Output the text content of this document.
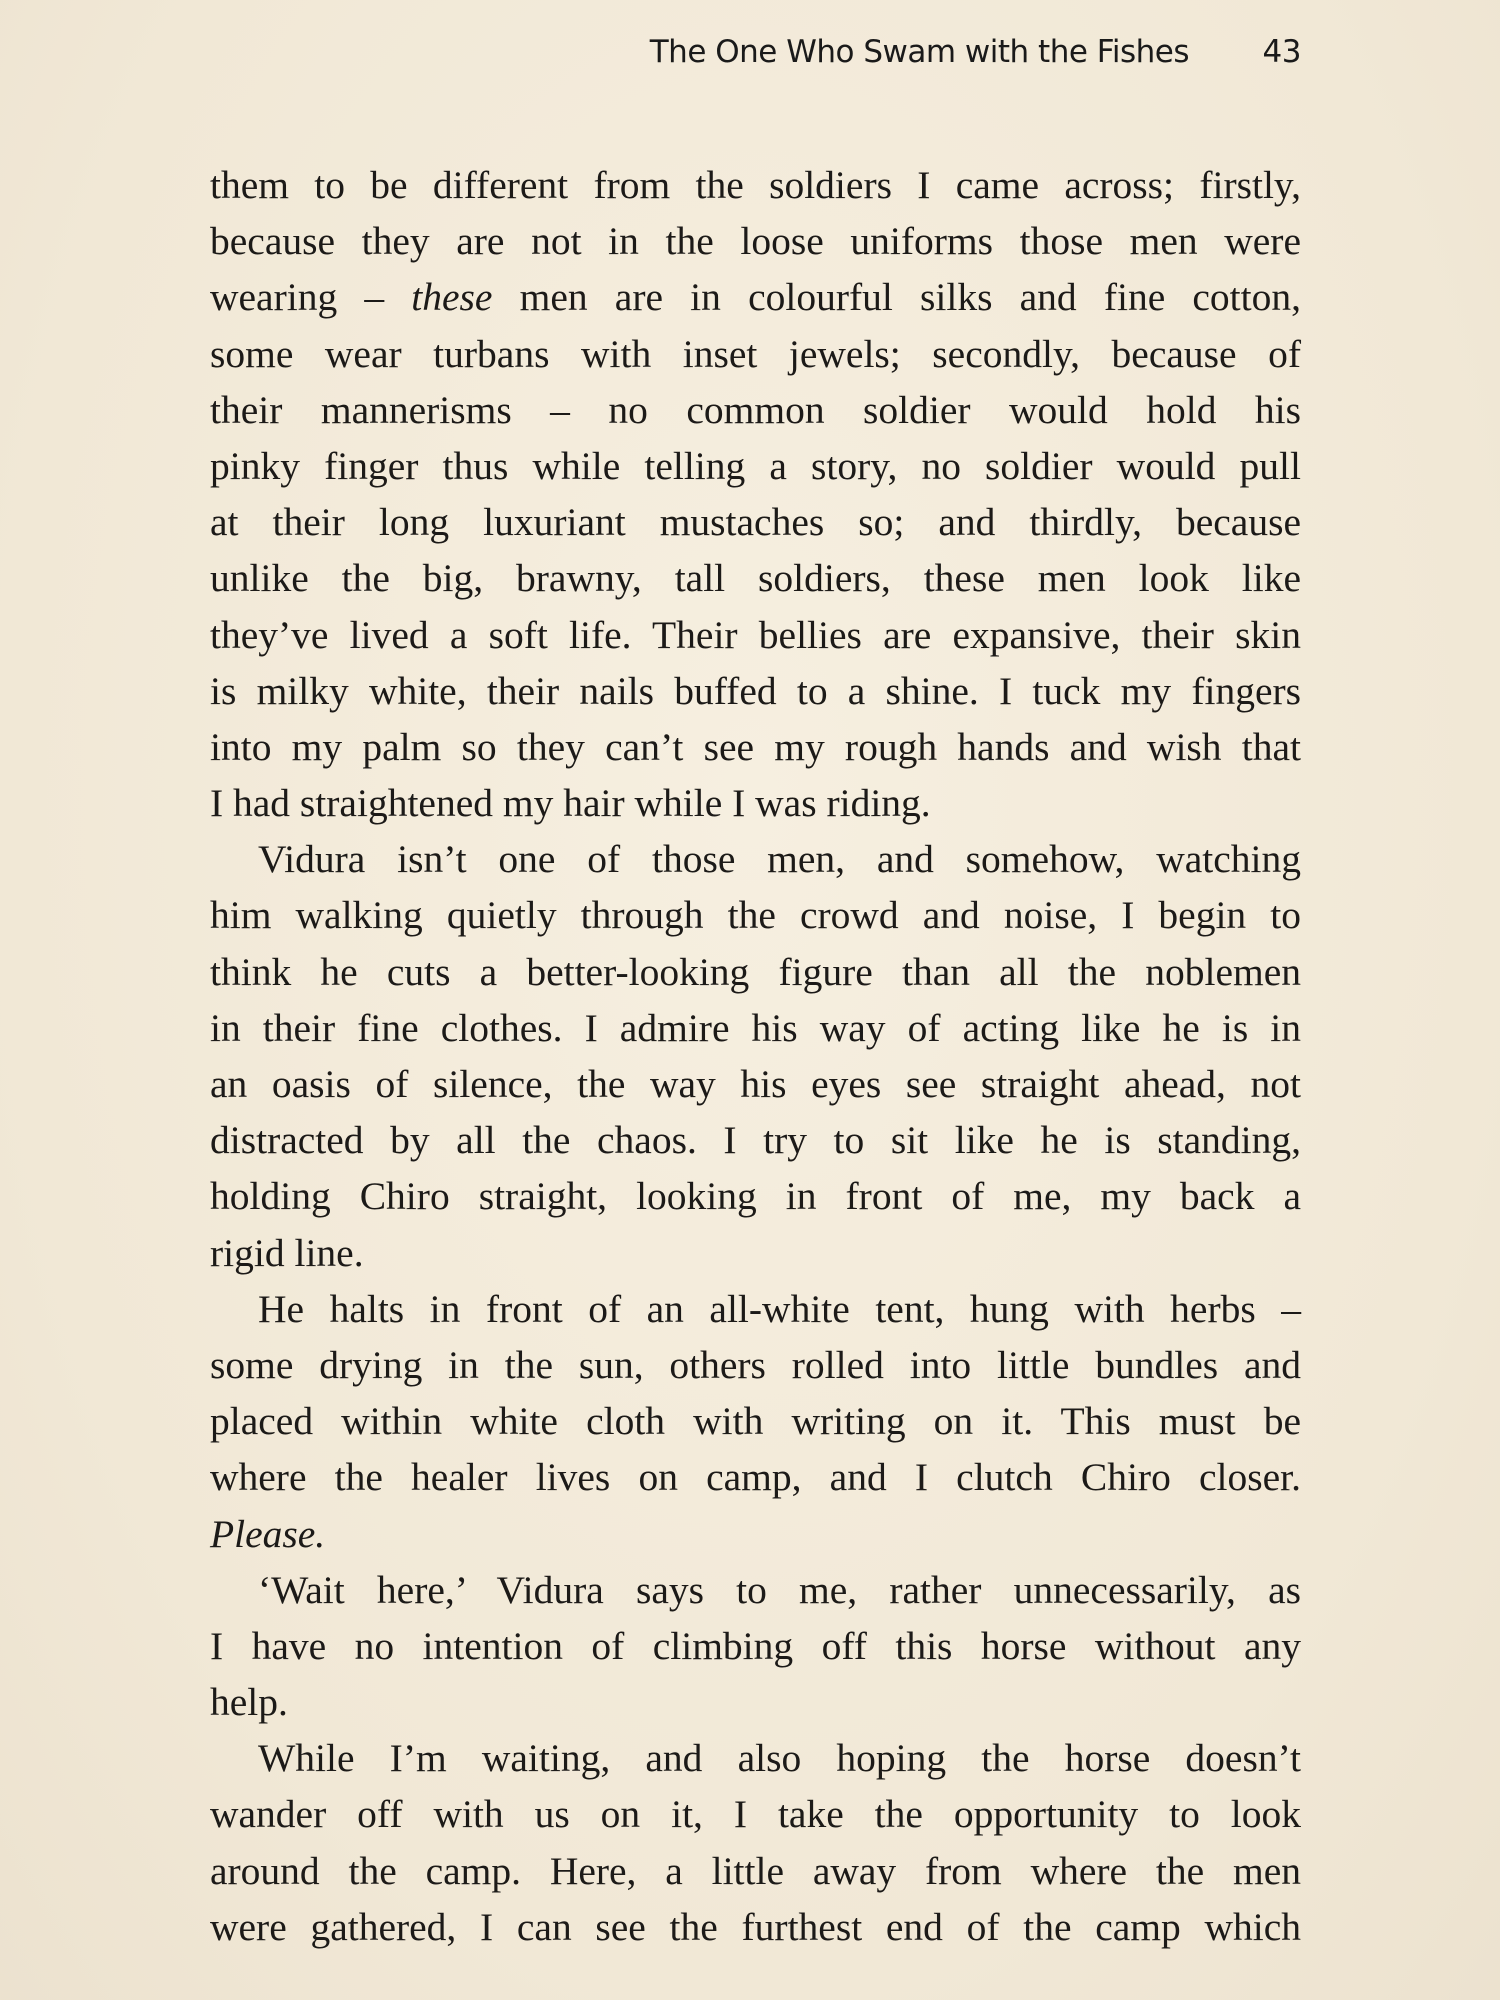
The One Who Swam with the Fishes 43
them to be different from the soldiers I came across; firstly,
because they are not in the loose uniforms those men were
wearing – these men are in colourful silks and fine cotton,
some wear turbans with inset jewels; secondly, because of
their mannerisms – no common soldier would hold his
pinky finger thus while telling a story, no soldier would pull
at their long luxuriant mustaches so; and thirdly, because
unlike the big, brawny, tall soldiers, these men look like
they’ve lived a soft life. Their bellies are expansive, their skin
is milky white, their nails buffed to a shine. I tuck my fingers
into my palm so they can’t see my rough hands and wish that
I had straightened my hair while I was riding.
Vidura isn’t one of those men, and somehow, watching
him walking quietly through the crowd and noise, I begin to
think he cuts a better-looking figure than all the noblemen
in their fine clothes. I admire his way of acting like he is in
an oasis of silence, the way his eyes see straight ahead, not
distracted by all the chaos. I try to sit like he is standing,
holding Chiro straight, looking in front of me, my back a
rigid line.
He halts in front of an all-white tent, hung with herbs –
some drying in the sun, others rolled into little bundles and
placed within white cloth with writing on it. This must be
where the healer lives on camp, and I clutch Chiro closer.
Please.
‘Wait here,’ Vidura says to me, rather unnecessarily, as
I have no intention of climbing off this horse without any
help.
While I’m waiting, and also hoping the horse doesn’t
wander off with us on it, I take the opportunity to look
around the camp. Here, a little away from where the men
were gathered, I can see the furthest end of the camp which
